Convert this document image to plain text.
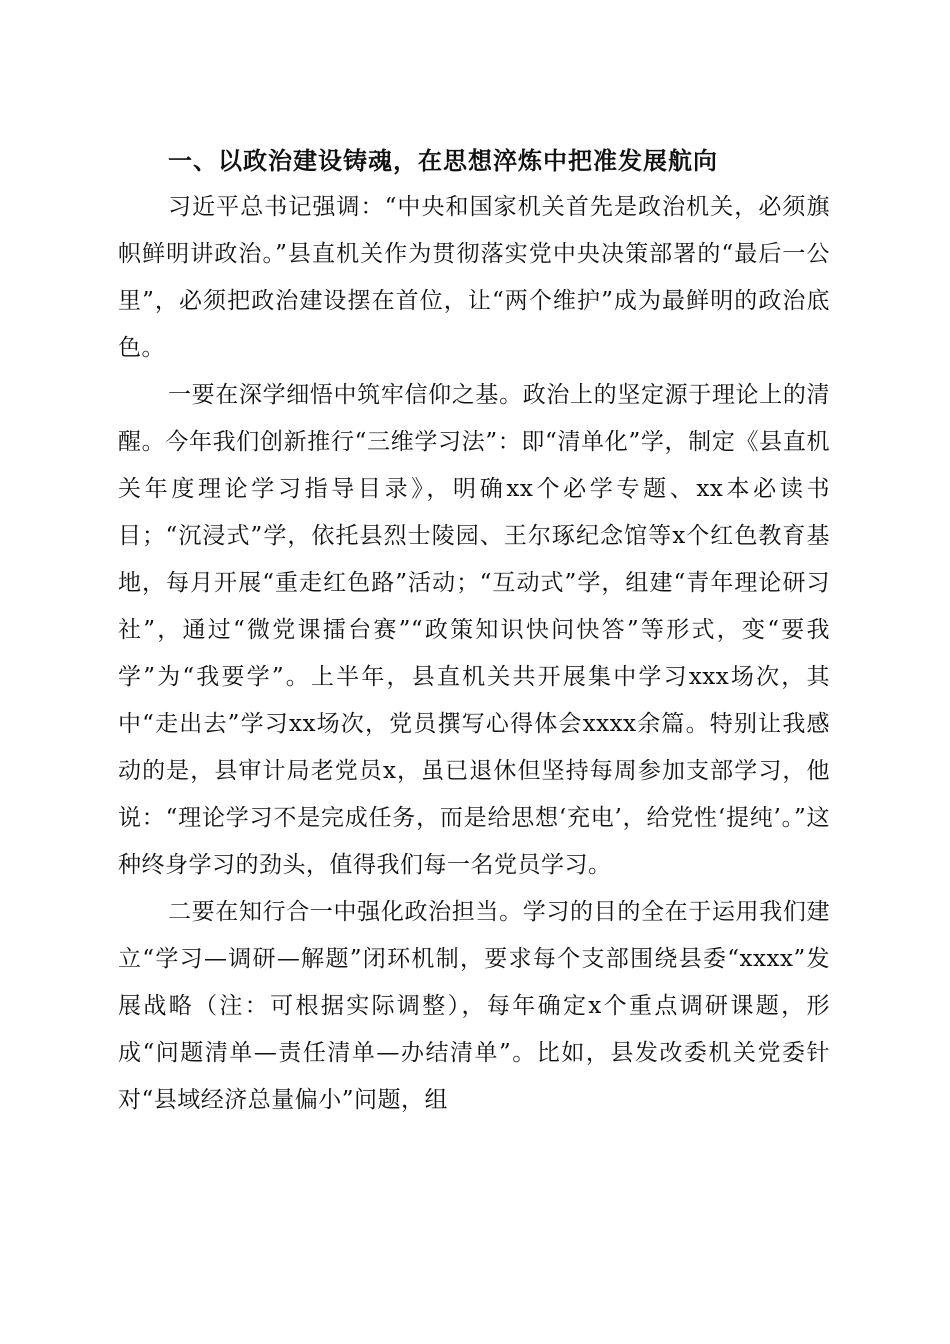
一、以政治建设铸魂，在思想淬炼中把准发展航向

习近平总书记强调：“中央和国家机关首先是政治机关，必须旗帜鲜明讲政治。”县直机关作为贯彻落实党中央决策部署的“最后一公里”，必须把政治建设摆在首位，让“两个维护”成为最鲜明的政治底色。

一要在深学细悟中筑牢信仰之基。政治上的坚定源于理论上的清醒。今年我们创新推行“三维学习法”：即“清单化”学，制定《县直机关年度理论学习指导目录》，明确xx个必学专题、xx本必读书目；“沉浸式”学，依托县烈士陵园、王尔琢纪念馆等x个红色教育基地，每月开展“重走红色路”活动；“互动式”学，组建“青年理论研习社”，通过“微党课擂台赛”“政策知识快问快答”等形式，变“要我学”为“我要学”。上半年，县直机关共开展集中学习xxx场次，其中“走出去”学习xx场次，党员撰写心得体会xxxx余篇。特别让我感动的是，县审计局老党员x，虽已退休但坚持每周参加支部学习，他说：“理论学习不是完成任务，而是给思想‘充电’，给党性‘提纯’。”这种终身学习的劲头，值得我们每一名党员学习。

二要在知行合一中强化政治担当。学习的目的全在于运用我们建立“学习—调研—解题”闭环机制，要求每个支部围绕县委“xxxx”发展战略（注：可根据实际调整），每年确定x个重点调研课题，形成“问题清单—责任清单—办结清单”。比如，县发改委机关党委针对“县域经济总量偏小”问题，组
